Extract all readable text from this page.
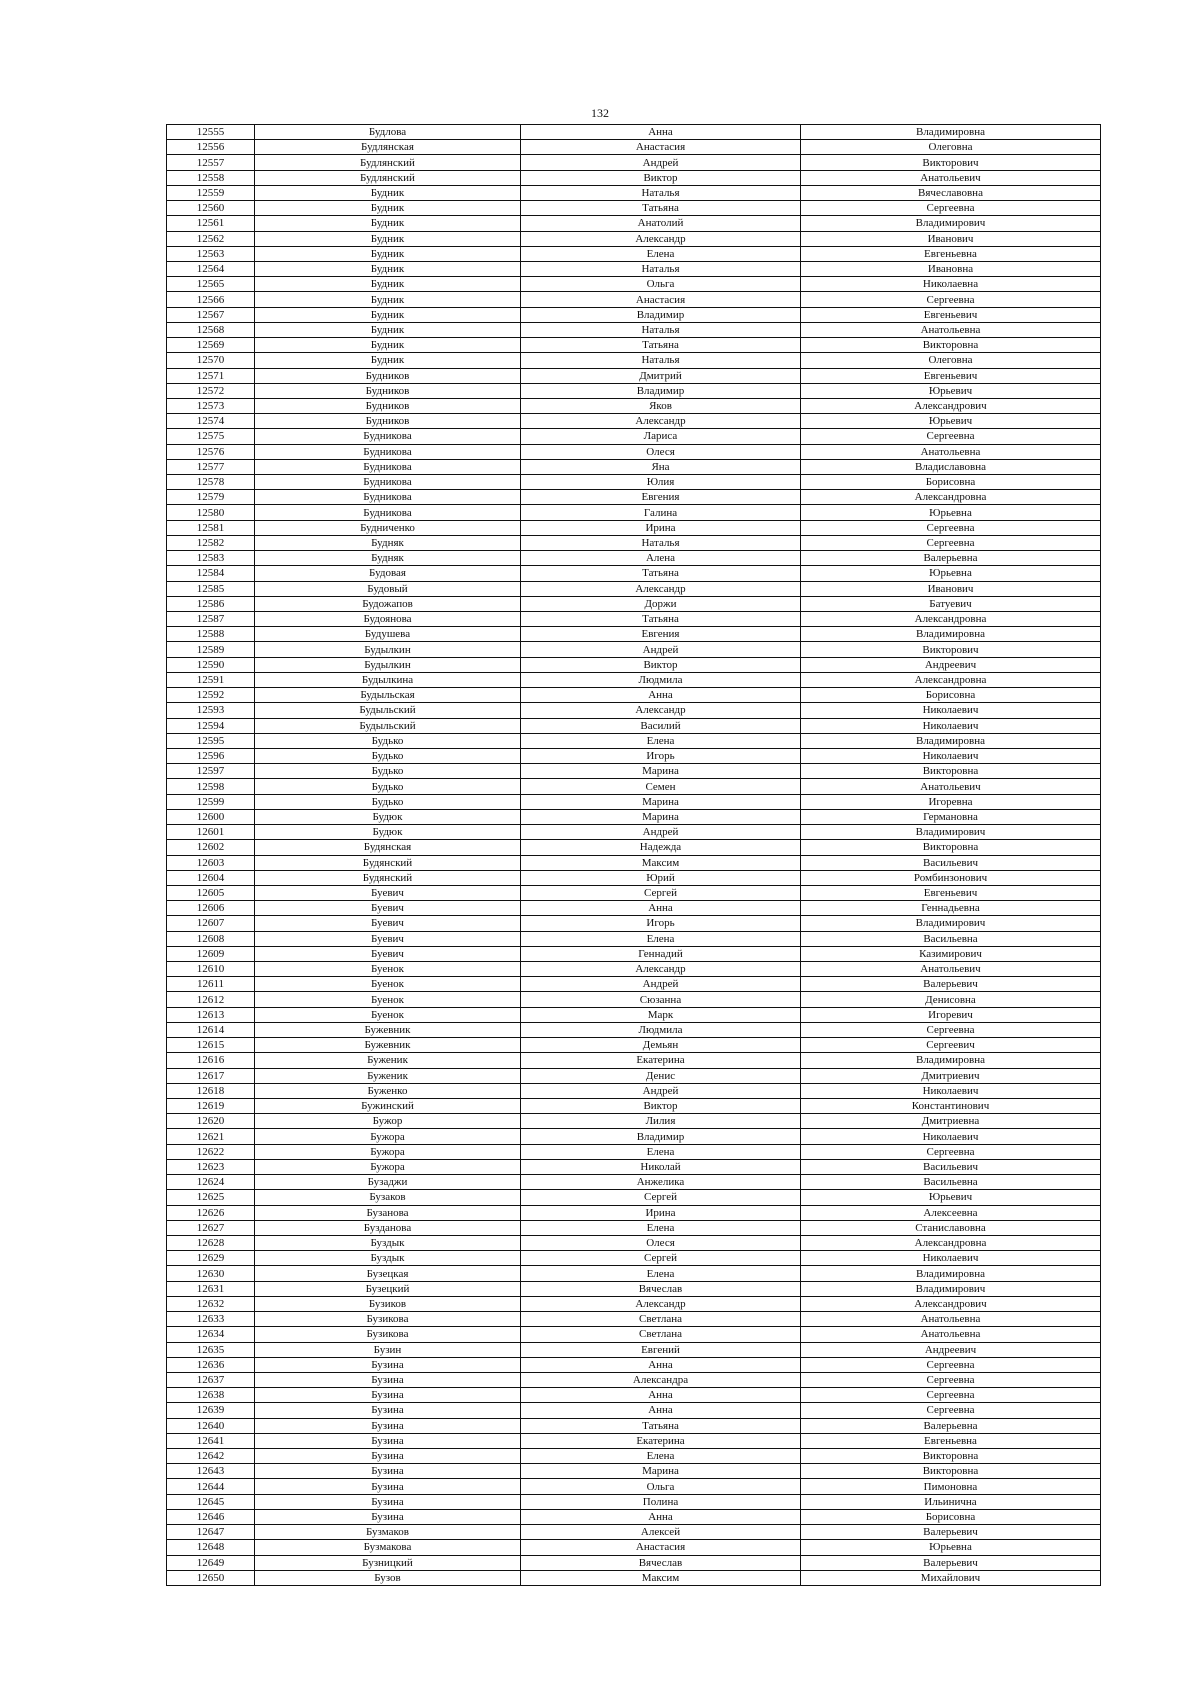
132
12555	Будлова	Анна	Владимировна
12556	Будлянская	Анастасия	Олеговна
12557	Будлянский	Андрей	Викторович
12558	Будлянский	Виктор	Анатольевич
12559	Будник	Наталья	Вячеславовна
12560	Будник	Татьяна	Сергеевна
12561	Будник	Анатолий	Владимирович
12562	Будник	Александр	Иванович
12563	Будник	Елена	Евгеньевна
12564	Будник	Наталья	Ивановна
12565	Будник	Ольга	Николаевна
12566	Будник	Анастасия	Сергеевна
12567	Будник	Владимир	Евгеньевич
12568	Будник	Наталья	Анатольевна
12569	Будник	Татьяна	Викторовна
12570	Будник	Наталья	Олеговна
12571	Будников	Дмитрий	Евгеньевич
12572	Будников	Владимир	Юрьевич
12573	Будников	Яков	Александрович
12574	Будников	Александр	Юрьевич
12575	Будникова	Лариса	Сергеевна
12576	Будникова	Олеся	Анатольевна
12577	Будникова	Яна	Владиславовна
12578	Будникова	Юлия	Борисовна
12579	Будникова	Евгения	Александровна
12580	Будникова	Галина	Юрьевна
12581	Будниченко	Ирина	Сергеевна
12582	Будняк	Наталья	Сергеевна
12583	Будняк	Алена	Валерьевна
12584	Будовая	Татьяна	Юрьевна
12585	Будовый	Александр	Иванович
12586	Будожапов	Доржи	Батуевич
12587	Будоянова	Татьяна	Александровна
12588	Будушева	Евгения	Владимировна
12589	Будылкин	Андрей	Викторович
12590	Будылкин	Виктор	Андреевич
12591	Будылкина	Людмила	Александровна
12592	Будыльская	Анна	Борисовна
12593	Будыльский	Александр	Николаевич
12594	Будыльский	Василий	Николаевич
12595	Будько	Елена	Владимировна
12596	Будько	Игорь	Николаевич
12597	Будько	Марина	Викторовна
12598	Будько	Семен	Анатольевич
12599	Будько	Марина	Игоревна
12600	Будюк	Марина	Германовна
12601	Будюк	Андрей	Владимирович
12602	Будянская	Надежда	Викторовна
12603	Будянский	Максим	Васильевич
12604	Будянский	Юрий	Ромбинзонович
12605	Буевич	Сергей	Евгеньевич
12606	Буевич	Анна	Геннадьевна
12607	Буевич	Игорь	Владимирович
12608	Буевич	Елена	Васильевна
12609	Буевич	Геннадий	Казимирович
12610	Буенок	Александр	Анатольевич
12611	Буенок	Андрей	Валерьевич
12612	Буенок	Сюзанна	Денисовна
12613	Буенок	Марк	Игоревич
12614	Бужевник	Людмила	Сергеевна
12615	Бужевник	Демьян	Сергеевич
12616	Буженик	Екатерина	Владимировна
12617	Буженик	Денис	Дмитриевич
12618	Буженко	Андрей	Николаевич
12619	Бужинский	Виктор	Константинович
12620	Бужор	Лилия	Дмитриевна
12621	Бужора	Владимир	Николаевич
12622	Бужора	Елена	Сергеевна
12623	Бужора	Николай	Васильевич
12624	Бузаджи	Анжелика	Васильевна
12625	Бузаков	Сергей	Юрьевич
12626	Бузанова	Ирина	Алексеевна
12627	Бузданова	Елена	Станиславовна
12628	Буздык	Олеся	Александровна
12629	Буздык	Сергей	Николаевич
12630	Бузецкая	Елена	Владимировна
12631	Бузецкий	Вячеслав	Владимирович
12632	Бузиков	Александр	Александрович
12633	Бузикова	Светлана	Анатольевна
12634	Бузикова	Светлана	Анатольевна
12635	Бузин	Евгений	Андреевич
12636	Бузина	Анна	Сергеевна
12637	Бузина	Александра	Сергеевна
12638	Бузина	Анна	Сергеевна
12639	Бузина	Анна	Сергеевна
12640	Бузина	Татьяна	Валерьевна
12641	Бузина	Екатерина	Евгеньевна
12642	Бузина	Елена	Викторовна
12643	Бузина	Марина	Викторовна
12644	Бузина	Ольга	Пимоновна
12645	Бузина	Полина	Ильинична
12646	Бузина	Анна	Борисовна
12647	Бузмаков	Алексей	Валерьевич
12648	Бузмакова	Анастасия	Юрьевна
12649	Бузницкий	Вячеслав	Валерьевич
12650	Бузов	Максим	Михайлович
